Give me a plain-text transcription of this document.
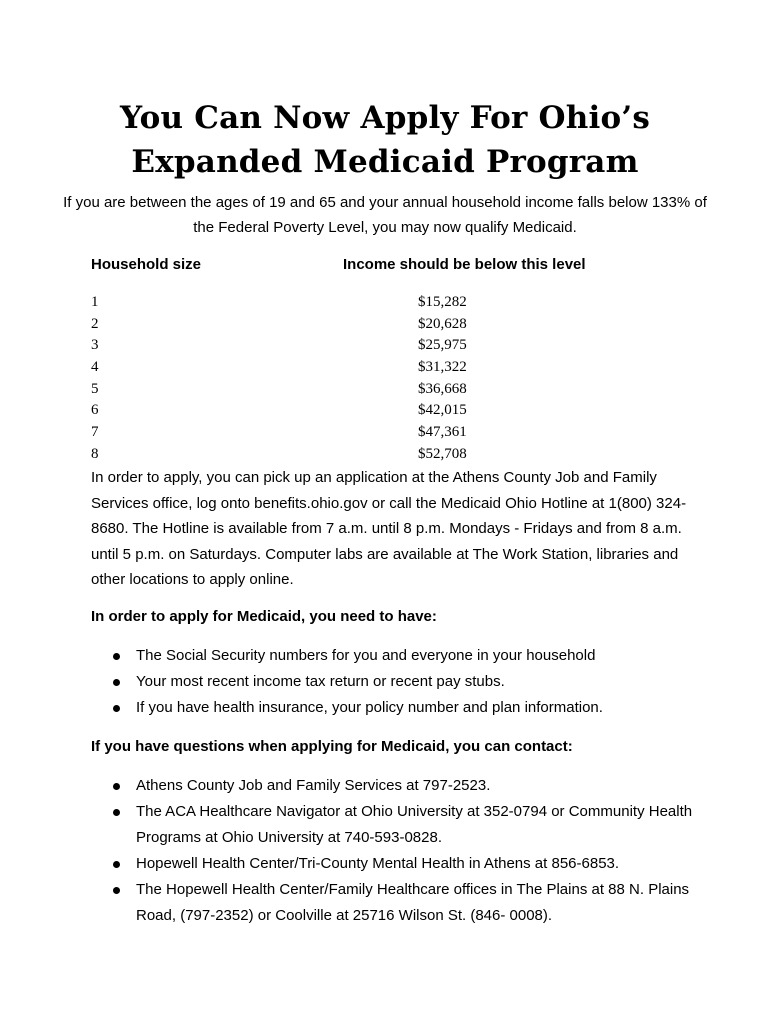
You Can Now Apply For Ohio’s
Expanded Medicaid Program
If you are between the ages of 19 and 65 and your annual household income falls below 133% of the Federal Poverty Level, you may now qualify Medicaid.
Household size	Income should be below this level
1	$15,282
2	$20,628
3	$25,975
4	$31,322
5	$36,668
6	$42,015
7	$47,361
8	$52,708
In order to apply, you can pick up an application at the Athens County Job and Family Services office, log onto benefits.ohio.gov or call the Medicaid Ohio Hotline at 1(800) 324-8680. The Hotline is available from 7 a.m. until 8 p.m. Mondays - Fridays and from 8 a.m. until 5 p.m. on Saturdays. Computer labs are available at The Work Station, libraries and other locations to apply online.
In order to apply for Medicaid, you need to have:
The Social Security numbers for you and everyone in your household
Your most recent income tax return or recent pay stubs.
If you have health insurance, your policy number and plan information.
If you have questions when applying for Medicaid, you can contact:
Athens County Job and Family Services at 797-2523.
The ACA Healthcare Navigator at Ohio University at 352-0794 or Community Health Programs at Ohio University at 740-593-0828.
Hopewell Health Center/Tri-County Mental Health in Athens at 856-6853.
The Hopewell Health Center/Family Healthcare offices in The Plains at 88 N. Plains Road, (797-2352) or Coolville at 25716 Wilson St. (846- 0008).
